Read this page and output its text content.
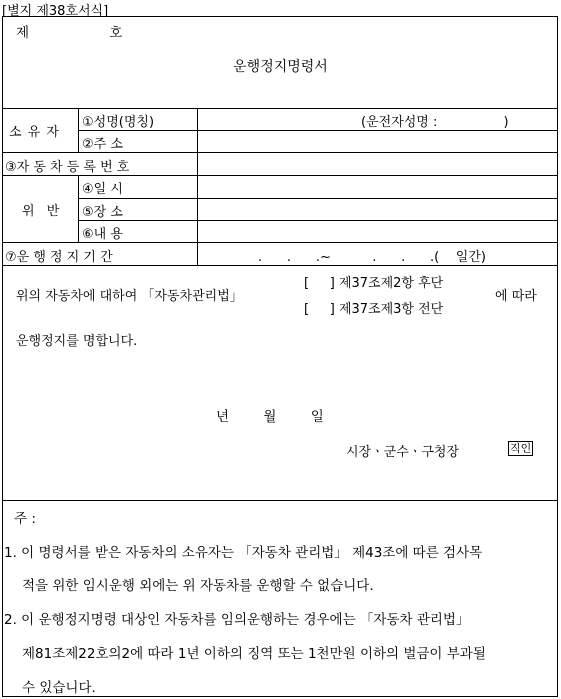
[별지 제38호서식]
제 호
운행정지명령서
소 유 자
①성명(명칭)	(운전자성명 :                )
②주 소
③자 동 차 등 록 번 호
위 반
④일 시
⑤장 소
⑥내 용
⑦운 행 정 지 기 간	.      .      .~          .      .      .(    일간)
위의 자동차에 대하여 「자동차관리법」
[     ] 제37조제2항 후단
[     ] 제37조제3항 전단
에 따라
운행정지를 명합니다.
년        월        일
시장ㆍ군수ㆍ구청장	직인
주 :
1. 이 명령서를 받은 자동차의 소유자는 「자동차 관리법」 제43조에 따른 검사목
적을 위한 임시운행 외에는 위 자동차를 운행할 수 없습니다.
2. 이 운행정지명령 대상인 자동차를 임의운행하는 경우에는 「자동차 관리법」
제81조제22호의2에 따라 1년 이하의 징역 또는 1천만원 이하의 벌금이 부과될
수 있습니다.
